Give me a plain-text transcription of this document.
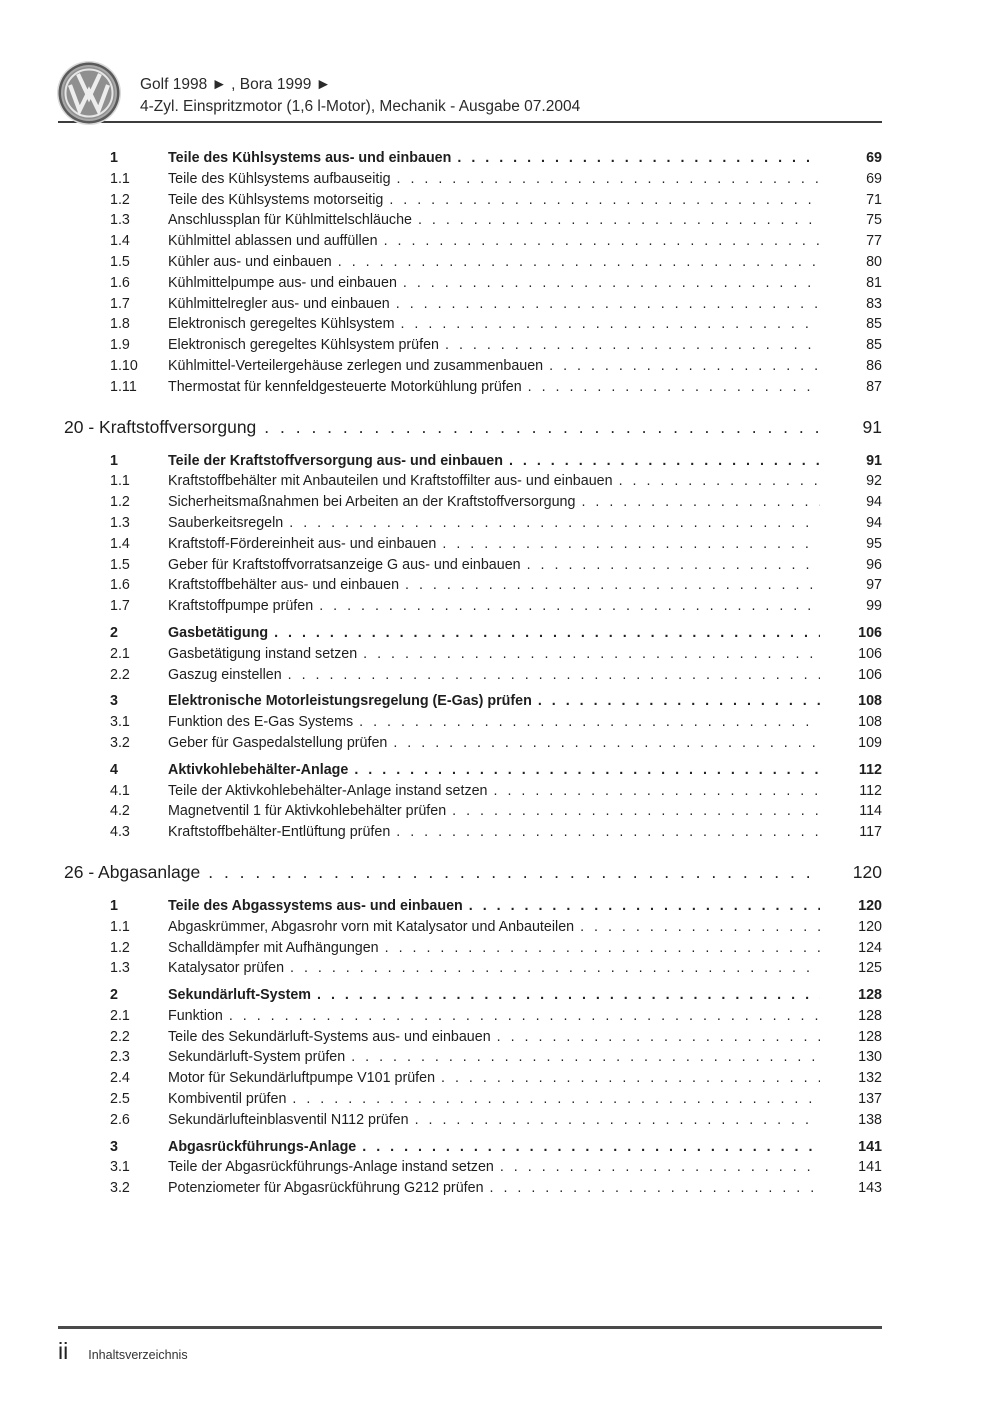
Golf 1998 ► , Bora 1999 ►
4-Zyl. Einspritzmotor (1,6 l-Motor), Mechanik - Ausgabe 07.2004
1	Teile des Kühlsystems aus- und einbauen . . .	69
1.1	Teile des Kühlsystems aufbauseitig . . .	69
1.2	Teile des Kühlsystems motorseitig . . .	71
1.3	Anschlussplan für Kühlmittelschläuche . . .	75
1.4	Kühlmittel ablassen und auffüllen . . .	77
1.5	Kühler aus- und einbauen . . .	80
1.6	Kühlmittelpumpe aus- und einbauen . . .	81
1.7	Kühlmittelregler aus- und einbauen . . .	83
1.8	Elektronisch geregeltes Kühlsystem . . .	85
1.9	Elektronisch geregeltes Kühlsystem prüfen . . .	85
1.10	Kühlmittel-Verteilergehäuse zerlegen und zusammenbauen . . .	86
1.11	Thermostat für kennfeldgesteuerte Motorkühlung prüfen . . .	87
20 - Kraftstoffversorgung . . .	91
1	Teile der Kraftstoffversorgung aus- und einbauen . . .	91
1.1	Kraftstoffbehälter mit Anbauteilen und Kraftstoffilter aus- und einbauen . . .	92
1.2	Sicherheitsmaßnahmen bei Arbeiten an der Kraftstoffversorgung . . .	94
1.3	Sauberkeitsregeln . . .	94
1.4	Kraftstoff-Fördereinheit aus- und einbauen . . .	95
1.5	Geber für Kraftstoffvorratsanzeige G aus- und einbauen . . .	96
1.6	Kraftstoffbehälter aus- und einbauen . . .	97
1.7	Kraftstoffpumpe prüfen . . .	99
2	Gasbetätigung . . .	106
2.1	Gasbetätigung instand setzen . . .	106
2.2	Gaszug einstellen . . .	106
3	Elektronische Motorleistungsregelung (E-Gas) prüfen . . .	108
3.1	Funktion des E-Gas Systems . . .	108
3.2	Geber für Gaspedalstellung prüfen . . .	109
4	Aktivkohlebehälter-Anlage . . .	112
4.1	Teile der Aktivkohlebehälter-Anlage instand setzen . . .	112
4.2	Magnetventil 1 für Aktivkohlebehälter prüfen . . .	114
4.3	Kraftstoffbehälter-Entlüftung prüfen . . .	117
26 - Abgasanlage . . .	120
1	Teile des Abgassystems aus- und einbauen . . .	120
1.1	Abgaskrümmer, Abgasrohr vorn mit Katalysator und Anbauteilen . . .	120
1.2	Schalldämpfer mit Aufhängungen . . .	124
1.3	Katalysator prüfen . . .	125
2	Sekundärluft-System . . .	128
2.1	Funktion . . .	128
2.2	Teile des Sekundärluft-Systems aus- und einbauen . . .	128
2.3	Sekundärluft-System prüfen . . .	130
2.4	Motor für Sekundärluftpumpe V101 prüfen . . .	132
2.5	Kombiventil prüfen . . .	137
2.6	Sekundärlufteinblasventil N112 prüfen . . .	138
3	Abgasrückführungs-Anlage . . .	141
3.1	Teile der Abgasrückführungs-Anlage instand setzen . . .	141
3.2	Potenziometer für Abgasrückführung G212 prüfen . . .	143
ii Inhaltsverzeichnis
